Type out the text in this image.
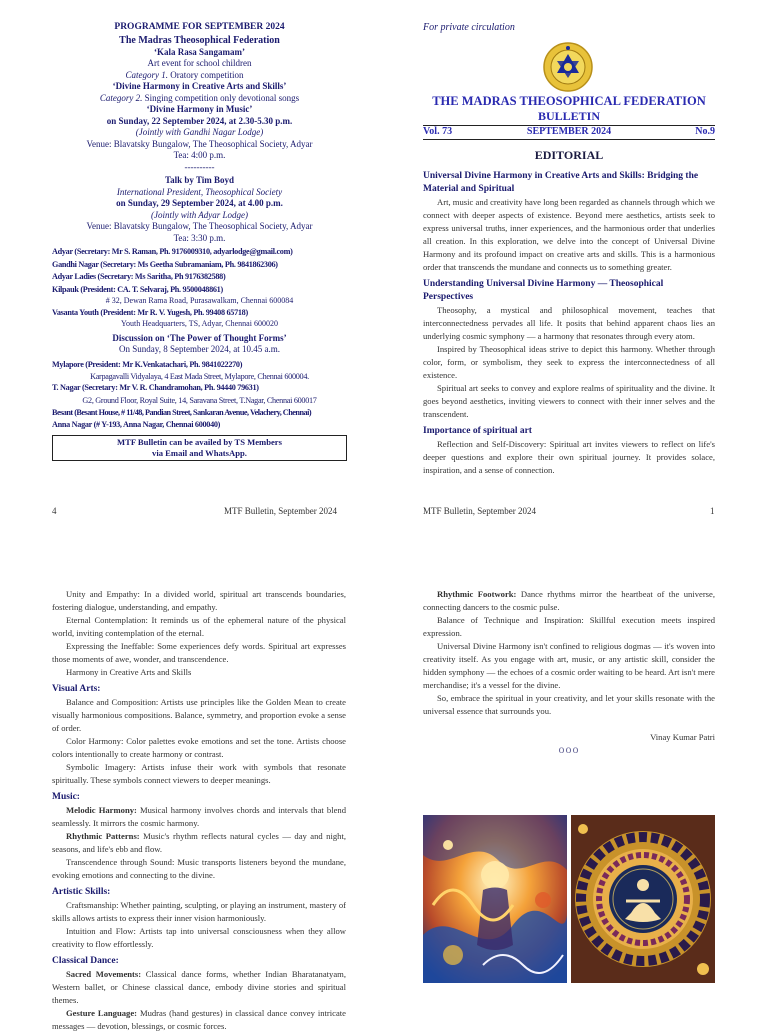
PROGRAMME FOR SEPTEMBER 2024
The Madras Theosophical Federation
‘Kala Rasa Sangamam’
Art event for school children
Category 1. Oratory competition
‘Divine Harmony in Creative Arts and Skills’
Category 2. Singing competition only devotional songs
‘Divine Harmony in Music’
on Sunday, 22 September 2024, at 2.30-5.30 p.m.
(Jointly with Gandhi Nagar Lodge)
Venue: Blavatsky Bungalow, The Theosophical Society, Adyar
Tea: 4:00 p.m.
----------
Talk by Tim Boyd
International President, Theosophical Society
on Sunday, 29 September 2024, at 4.00 p.m.
(Jointly with Adyar Lodge)
Venue: Blavatsky Bungalow, The Theosophical Society, Adyar
Tea: 3:30 p.m.
Adyar (Secretary: Mr S. Raman, Ph. 9176009310, adyarlodge@gmail.com)
Gandhi Nagar (Secretary: Ms Geetha Subramaniam, Ph. 9841862306)
Adyar Ladies (Secretary: Ms Saritha, Ph 9176382588)
Kilpauk (President: CA. T. Selvaraj, Ph. 9500048861)
# 32, Dewan Rama Road, Purasawalkam, Chennai 600084
Vasanta Youth (President: Mr R. V. Yugesh, Ph. 99408 65718)
Youth Headquarters, TS, Adyar, Chennai 600020
Discussion on ‘The Power of Thought Forms’
On Sunday, 8 September 2024, at 10.45 a.m.
Mylapore (President: Mr K.Venkatachari, Ph. 9841022270)
Karpagavalli Vidyalaya, 4 East Mada Street, Mylapore, Chennai 600004.
T. Nagar (Secretary: Mr V. R. Chandramohan, Ph. 94440 79631)
G2, Ground Floor, Royal Suite, 14, Saravana Street, T.Nagar, Chennai 600017
Besant (Besant House, # 11/48, Pandian Street, Sankaran Avenue, Velachery, Chennai)
Anna Nagar (# Y-193, Anna Nagar, Chennai 600040)
MTF Bulletin can be availed by TS Members
via Email and WhatsApp.
4	MTF Bulletin, September 2024
For private circulation
THE MADRAS THEOSOPHICAL FEDERATION
BULLETIN
Vol. 73	SEPTEMBER 2024	No.9
EDITORIAL
Universal Divine Harmony in Creative Arts and Skills: Bridging the Material and Spiritual

Art, music and creativity have long been regarded as channels through which we connect with deeper aspects of existence. Beyond mere aesthetics, artists seek to express universal truths, inner experiences, and the harmonious order that underlies all creation. In this exploration, we delve into the concept of Universal Divine Harmony and its profound impact on creative arts and skills. This is a harmonious order that transcends the mundane and connects us to something greater.

Understanding Universal Divine Harmony — Theosophical Perspectives

Theosophy, a mystical and philosophical movement, teaches that interconnectedness pervades all life. It posits that behind apparent chaos lies an underlying cosmic symphony — a harmony that resonates through every atom.

Inspired by Theosophical ideas strive to depict this harmony. Whether through color, form, or symbolism, they seek to express the interconnectedness of all existence.

Spiritual art seeks to convey and explore realms of spirituality and the divine. It goes beyond aesthetics, inviting viewers to connect with their inner selves and the transcendent.

Importance of spiritual art

Reflection and Self-Discovery: Spiritual art invites viewers to reflect on life's deeper questions and explore their own spiritual journey. It provides solace, inspiration, and a sense of connection.

MTF Bulletin, September 2024	1

Unity and Empathy: In a divided world, spiritual art transcends boundaries, fostering dialogue, understanding, and empathy.

Eternal Contemplation: It reminds us of the ephemeral nature of the physical world, inviting contemplation of the eternal.

Expressing the Ineffable: Some experiences defy words. Spiritual art expresses those moments of awe, wonder, and transcendence.

Harmony in Creative Arts and Skills

Visual Arts:

Balance and Composition: Artists use principles like the Golden Mean to create visually harmonious compositions. Balance, symmetry, and proportion evoke a sense of order.

Color Harmony: Color palettes evoke emotions and set the tone. Artists choose colors intentionally to create harmony or contrast.

Symbolic Imagery: Artists infuse their work with symbols that resonate spiritually. These symbols connect viewers to deeper meanings.

Music:

Melodic Harmony: Musical harmony involves chords and intervals that blend seamlessly. It mirrors the cosmic harmony.

Rhythmic Patterns: Music's rhythm reflects natural cycles — day and night, seasons, and life's ebb and flow.

Transcendence through Sound: Music transports listeners beyond the mundane, evoking emotions and connecting to the divine.

Artistic Skills:

Craftsmanship: Whether painting, sculpting, or playing an instrument, mastery of skills allows artists to express their inner vision harmoniously.

Intuition and Flow: Artists tap into universal consciousness when they allow creativity to flow effortlessly.

Classical Dance:

Sacred Movements: Classical dance forms, whether Indian Bharatanatyam, Western ballet, or Chinese classical dance, embody divine stories and spiritual themes.

Gesture Language: Mudras (hand gestures) in classical dance convey intricate messages — devotion, blessings, or cosmic forces.

Rhythmic Footwork: Dance rhythms mirror the heartbeat of the universe, connecting dancers to the cosmic pulse.

Balance of Technique and Inspiration: Skillful execution meets inspired expression.

Universal Divine Harmony isn't confined to religious dogmas — it's woven into creativity itself. As you engage with art, music, or any artistic skill, consider the hidden symphony — the echoes of a cosmic order waiting to be heard. Art isn't mere merchandise; it's a vessel for the divine.

So, embrace the spiritual in your creativity, and let your skills resonate with the universal essence that surrounds you.

Vinay Kumar Patri
ooo
